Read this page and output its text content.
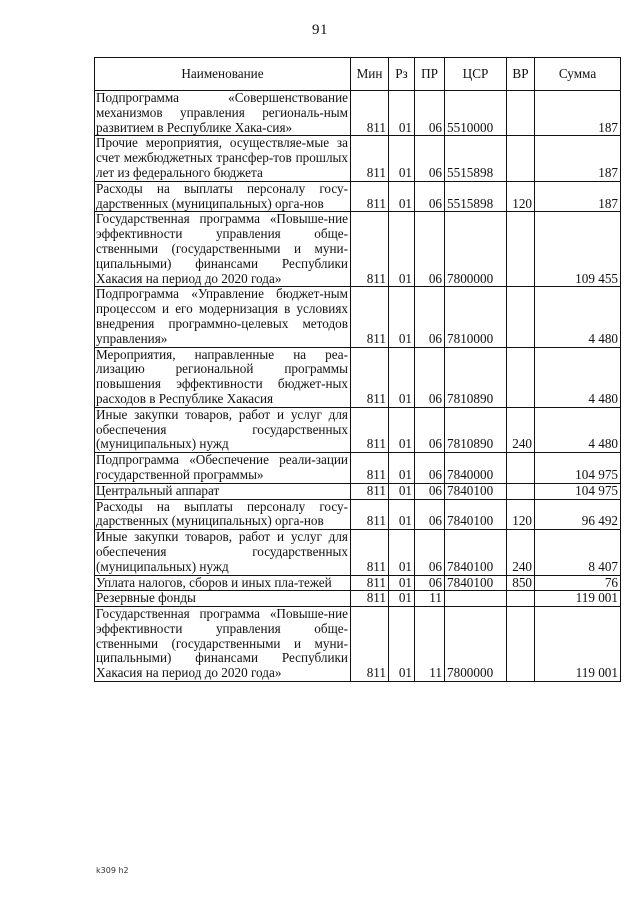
91
Наименование	Мин	Рз	ПР	ЦСР	ВР	Сумма
Подпрограмма «Совершенствование механизмов управления региональ-ным развитием в Республике Хака-сия»	811	01	06	5510000		187
Прочие мероприятия, осуществляе-мые за счет межбюджетных трансфер-тов прошлых лет из федерального бюджета	811	01	06	5515898		187
Расходы на выплаты персоналу госу-дарственных (муниципальных) орга-нов	811	01	06	5515898	120	187
Государственная программа «Повыше-ние эффективности управления обще-ственными (государственными и муни-ципальными) финансами Республики Хакасия на период до 2020 года»	811	01	06	7800000		109 455
Подпрограмма «Управление бюджет-ным процессом и его модернизация в условиях внедрения программно-целевых методов управления»	811	01	06	7810000		4 480
Мероприятия, направленные на реа-лизацию региональной программы повышения эффективности бюджет-ных расходов в Республике Хакасия	811	01	06	7810890		4 480
Иные закупки товаров, работ и услуг для обеспечения государственных (муниципальных) нужд	811	01	06	7810890	240	4 480
Подпрограмма «Обеспечение реали-зации государственной программы»	811	01	06	7840000		104 975
Центральный аппарат	811	01	06	7840100		104 975
Расходы на выплаты персоналу госу-дарственных (муниципальных) орга-нов	811	01	06	7840100	120	96 492
Иные закупки товаров, работ и услуг для обеспечения государственных (муниципальных) нужд	811	01	06	7840100	240	8 407
Уплата налогов, сборов и иных пла-тежей	811	01	06	7840100	850	76
Резервные фонды	811	01	11			119 001
Государственная программа «Повыше-ние эффективности управления обще-ственными (государственными и муни-ципальными) финансами Республики Хакасия на период до 2020 года»	811	01	11	7800000		119 001
k309 h2
